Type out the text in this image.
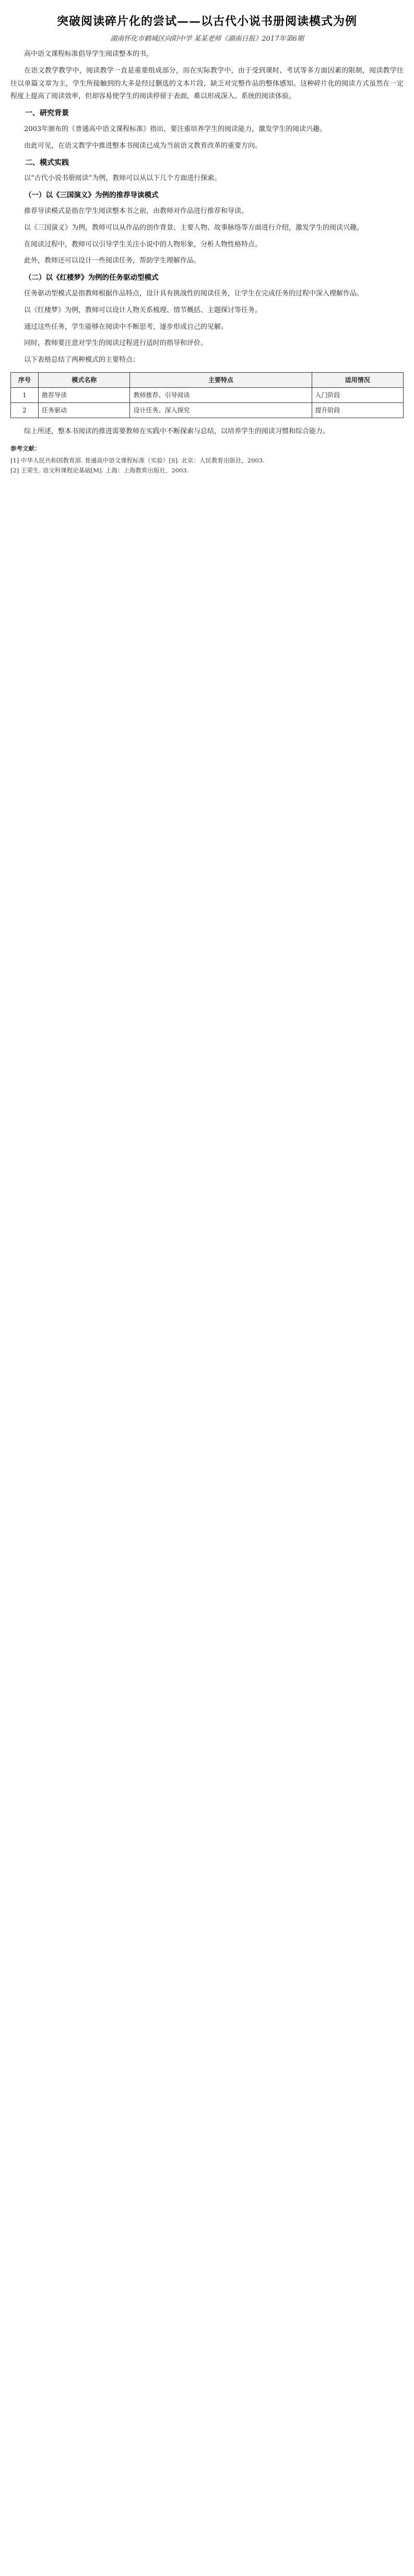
突破阅读碎片化的尝试——以古代小说书册阅读模式为例
湖南怀化市鹤城区向阳中学 某某老师《湖南日报》2017年第6期

高中语文课程标准倡导学生阅读整本的书，

在语文教学教学中，阅读教学一直是重要组成部分，而在实际教学中，由于受到课时、考试等多方面因素的限制，阅读教学往往以单篇文章为主，学生所接触到的大多是经过删选的文本片段，缺乏对完整作品的整体感知。这种碎片化的阅读方式虽然在一定程度上提高了阅读效率，但却容易使学生的阅读停留于表面，难以形成深入、系统的阅读体验。

一、研究背景

2003年颁布的《普通高中语文课程标准》指出，要注重培养学生的阅读能力，激发学生的阅读兴趣。

由此可见，在语文教学中推进整本书阅读已成为当前语文教育改革的重要方向。

二、模式实践

以“古代小说书册阅读”为例，教师可以从以下几个方面进行探索。

（一）以《三国演义》为例的推荐导读模式

推荐导读模式是指在学生阅读整本书之前，由教师对作品进行推荐和导读。

以《三国演义》为例，教师可以从作品的创作背景、主要人物、故事脉络等方面进行介绍，激发学生的阅读兴趣。

在阅读过程中，教师可以引导学生关注小说中的人物形象，分析人物性格特点。

此外，教师还可以设计一些阅读任务，帮助学生理解作品。

（二）以《红楼梦》为例的任务驱动型模式

任务驱动型模式是指教师根据作品特点，设计具有挑战性的阅读任务，让学生在完成任务的过程中深入理解作品。

以《红楼梦》为例，教师可以设计人物关系梳理、情节概括、主题探讨等任务。

通过这些任务，学生能够在阅读中不断思考，逐步形成自己的见解。

同时，教师要注意对学生的阅读过程进行适时的指导和评价。

以下表格总结了两种模式的主要特点：

序号	模式名称	主要特点	适用情况
1	推荐导读	教师推荐、引导阅读	入门阶段
2	任务驱动	设计任务、深入探究	提升阶段

综上所述，整本书阅读的推进需要教师在实践中不断探索与总结，以培养学生的阅读习惯和综合能力。

参考文献：
[1] 中华人民共和国教育部. 普通高中语文课程标准（实验）[S]. 北京：人民教育出版社，2003.
[2] 王荣生. 语文科课程论基础[M]. 上海：上海教育出版社，2003.
